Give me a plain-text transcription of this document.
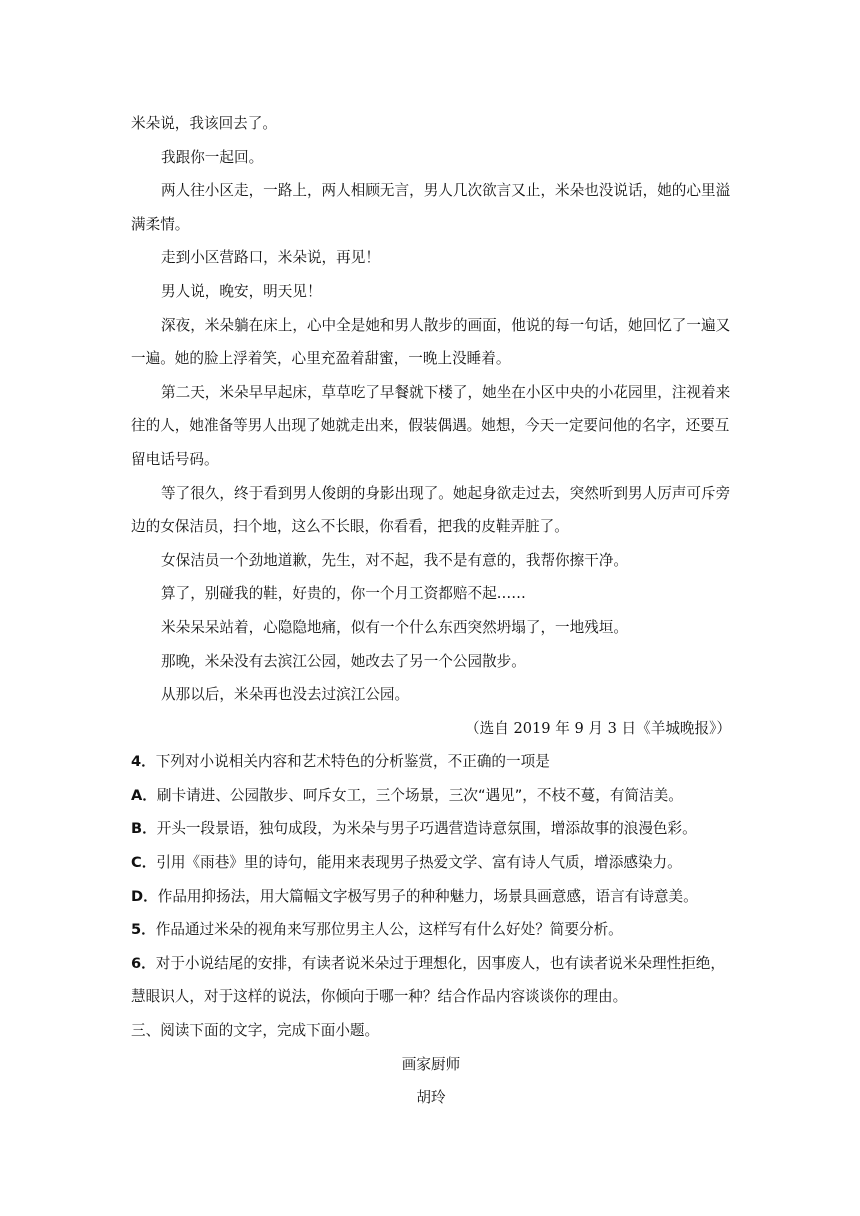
米朵说，我该回去了。

我跟你一起回。

两人往小区走，一路上，两人相顾无言，男人几次欲言又止，米朵也没说话，她的心里溢满柔情。

走到小区营路口，米朵说，再见！

男人说，晚安，明天见！

深夜，米朵躺在床上，心中全是她和男人散步的画面，他说的每一句话，她回忆了一遍又一遍。她的脸上浮着笑，心里充盈着甜蜜，一晚上没睡着。

第二天，米朵早早起床，草草吃了早餐就下楼了，她坐在小区中央的小花园里，注视着来往的人，她准备等男人出现了她就走出来，假装偶遇。她想，今天一定要问他的名字，还要互留电话号码。

等了很久，终于看到男人俊朗的身影出现了。她起身欲走过去，突然听到男人厉声可斥旁边的女保洁员，扫个地，这么不长眼，你看看，把我的皮鞋弄脏了。

女保洁员一个劲地道歉，先生，对不起，我不是有意的，我帮你擦干净。

算了，别碰我的鞋，好贵的，你一个月工资都赔不起……

米朵呆呆站着，心隐隐地痛，似有一个什么东西突然坍塌了，一地残垣。

那晚，米朵没有去滨江公园，她改去了另一个公园散步。

从那以后，米朵再也没去过滨江公园。

（选自 2019 年 9 月 3 日《羊城晚报》）

4．下列对小说相关内容和艺术特色的分析鉴赏，不正确的一项是

A．刷卡请进、公园散步、呵斥女工，三个场景，三次“遇见”，不枝不蔓，有简洁美。

B．开头一段景语，独句成段，为米朵与男子巧遇营造诗意氛围，增添故事的浪漫色彩。

C．引用《雨巷》里的诗句，能用来表现男子热爱文学、富有诗人气质，增添感染力。

D．作品用抑扬法，用大篇幅文字极写男子的种种魅力，场景具画意感，语言有诗意美。

5．作品通过米朵的视角来写那位男主人公，这样写有什么好处？简要分析。

6．对于小说结尾的安排，有读者说米朵过于理想化，因事废人，也有读者说米朵理性拒绝，慧眼识人，对于这样的说法，你倾向于哪一种？结合作品内容谈谈你的理由。

三、阅读下面的文字，完成下面小题。

画家厨师

胡玲
